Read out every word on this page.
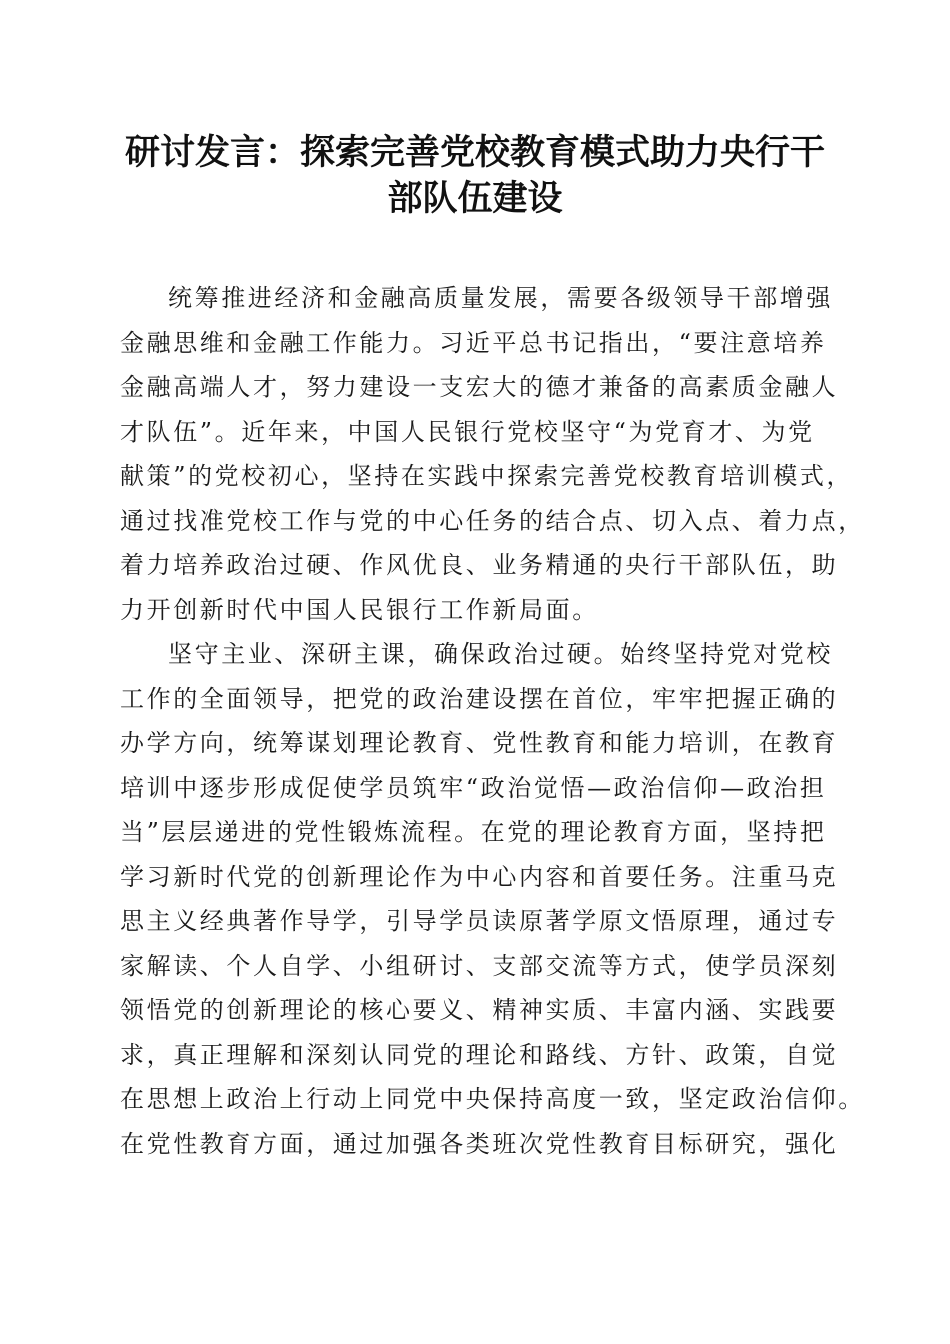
研讨发言：探索完善党校教育模式助力央行干
部队伍建设
统筹推进经济和金融高质量发展，需要各级领导干部增强
金融思维和金融工作能力。习近平总书记指出，“要注意培养
金融高端人才，努力建设一支宏大的德才兼备的高素质金融人
才队伍”。近年来，中国人民银行党校坚守“为党育才、为党
献策”的党校初心，坚持在实践中探索完善党校教育培训模式，
通过找准党校工作与党的中心任务的结合点、切入点、着力点，
着力培养政治过硬、作风优良、业务精通的央行干部队伍，助
力开创新时代中国人民银行工作新局面。
坚守主业、深研主课，确保政治过硬。始终坚持党对党校
工作的全面领导，把党的政治建设摆在首位，牢牢把握正确的
办学方向，统筹谋划理论教育、党性教育和能力培训，在教育
培训中逐步形成促使学员筑牢“政治觉悟—政治信仰—政治担
当”层层递进的党性锻炼流程。在党的理论教育方面，坚持把
学习新时代党的创新理论作为中心内容和首要任务。注重马克
思主义经典著作导学，引导学员读原著学原文悟原理，通过专
家解读、个人自学、小组研讨、支部交流等方式，使学员深刻
领悟党的创新理论的核心要义、精神实质、丰富内涵、实践要
求，真正理解和深刻认同党的理论和路线、方针、政策，自觉
在思想上政治上行动上同党中央保持高度一致，坚定政治信仰。
在党性教育方面，通过加强各类班次党性教育目标研究，强化
